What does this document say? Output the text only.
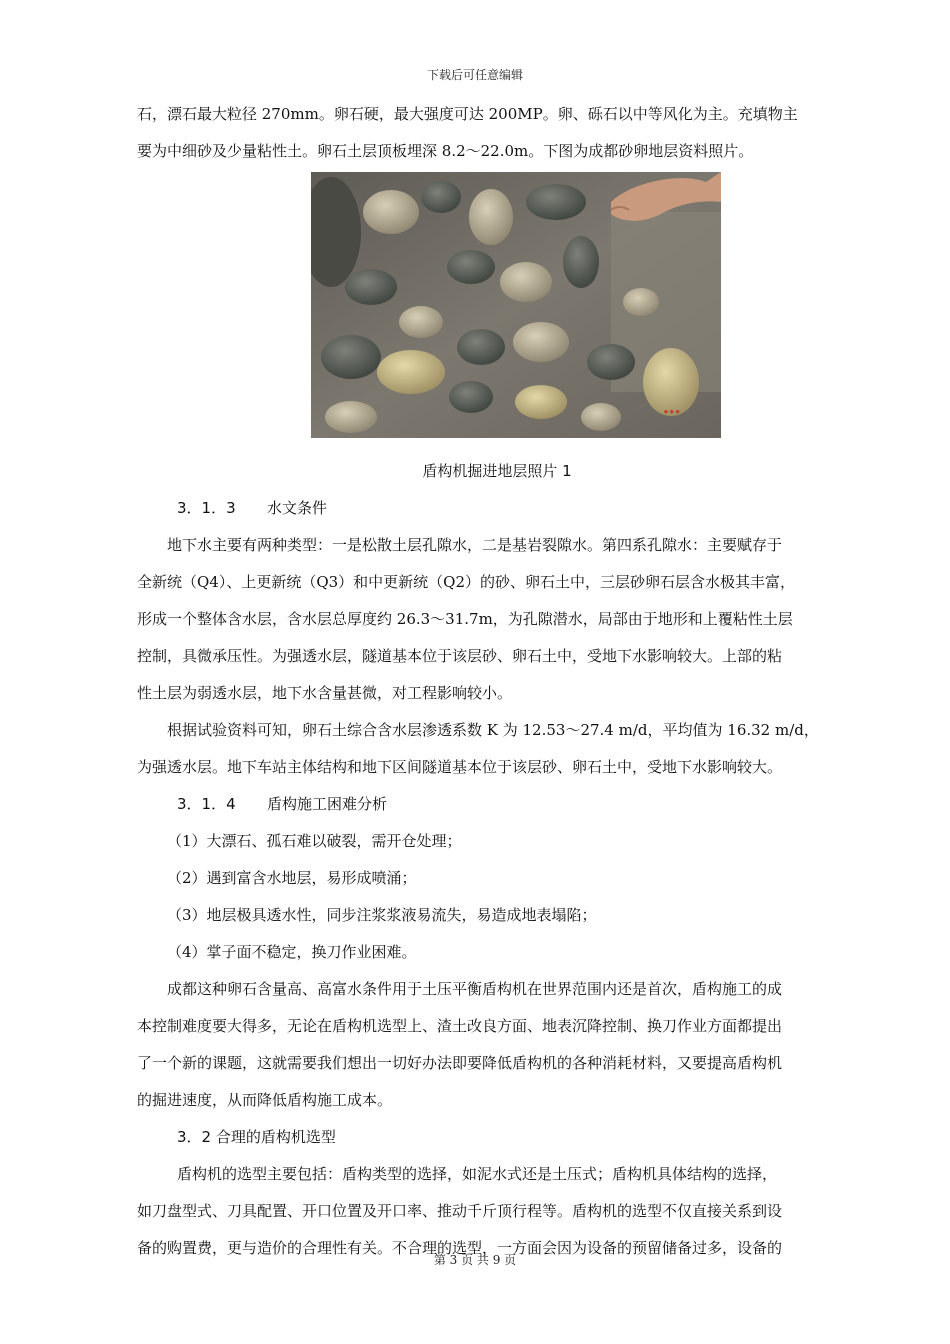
下载后可任意编辑
石，漂石最大粒径 270mm。卵石硬，最大强度可达 200MP。卵、砾石以中等风化为主。充填物主
要为中细砂及少量粘性土。卵石土层顶板埋深 8.2～22.0m。下图为成都砂卵地层资料照片。
⁕⁕⁕
盾构机掘进地层照片 1
3．1．3 水文条件
地下水主要有两种类型：一是松散土层孔隙水，二是基岩裂隙水。第四系孔隙水：主要赋存于
全新统（Q4）、上更新统（Q3）和中更新统（Q2）的砂、卵石土中，三层砂卵石层含水极其丰富，
形成一个整体含水层，含水层总厚度约 26.3～31.7m，为孔隙潜水，局部由于地形和上覆粘性土层
控制，具微承压性。为强透水层，隧道基本位于该层砂、卵石土中，受地下水影响较大。上部的粘
性土层为弱透水层，地下水含量甚微，对工程影响较小。
根据试验资料可知，卵石土综合含水层渗透系数 K 为 12.53～27.4 m/d，平均值为 16.32 m/d，
为强透水层。地下车站主体结构和地下区间隧道基本位于该层砂、卵石土中，受地下水影响较大。
3．1．4 盾构施工困难分析
（1）大漂石、孤石难以破裂，需开仓处理；
（2）遇到富含水地层，易形成喷涌；
（3）地层极具透水性，同步注浆浆液易流失，易造成地表塌陷；
（4）掌子面不稳定，换刀作业困难。
成都这种卵石含量高、高富水条件用于土压平衡盾构机在世界范围内还是首次，盾构施工的成
本控制难度要大得多，无论在盾构机选型上、渣土改良方面、地表沉降控制、换刀作业方面都提出
了一个新的课题，这就需要我们想出一切好办法即要降低盾构机的各种消耗材料，又要提高盾构机
的掘进速度，从而降低盾构施工成本。
3．2 合理的盾构机选型
盾构机的选型主要包括：盾构类型的选择，如泥水式还是土压式；盾构机具体结构的选择，
如刀盘型式、刀具配置、开口位置及开口率、推动千斤顶行程等。盾构机的选型不仅直接关系到设
备的购置费，更与造价的合理性有关。不合理的选型，一方面会因为设备的预留储备过多，设备的
第 3 页 共 9 页
